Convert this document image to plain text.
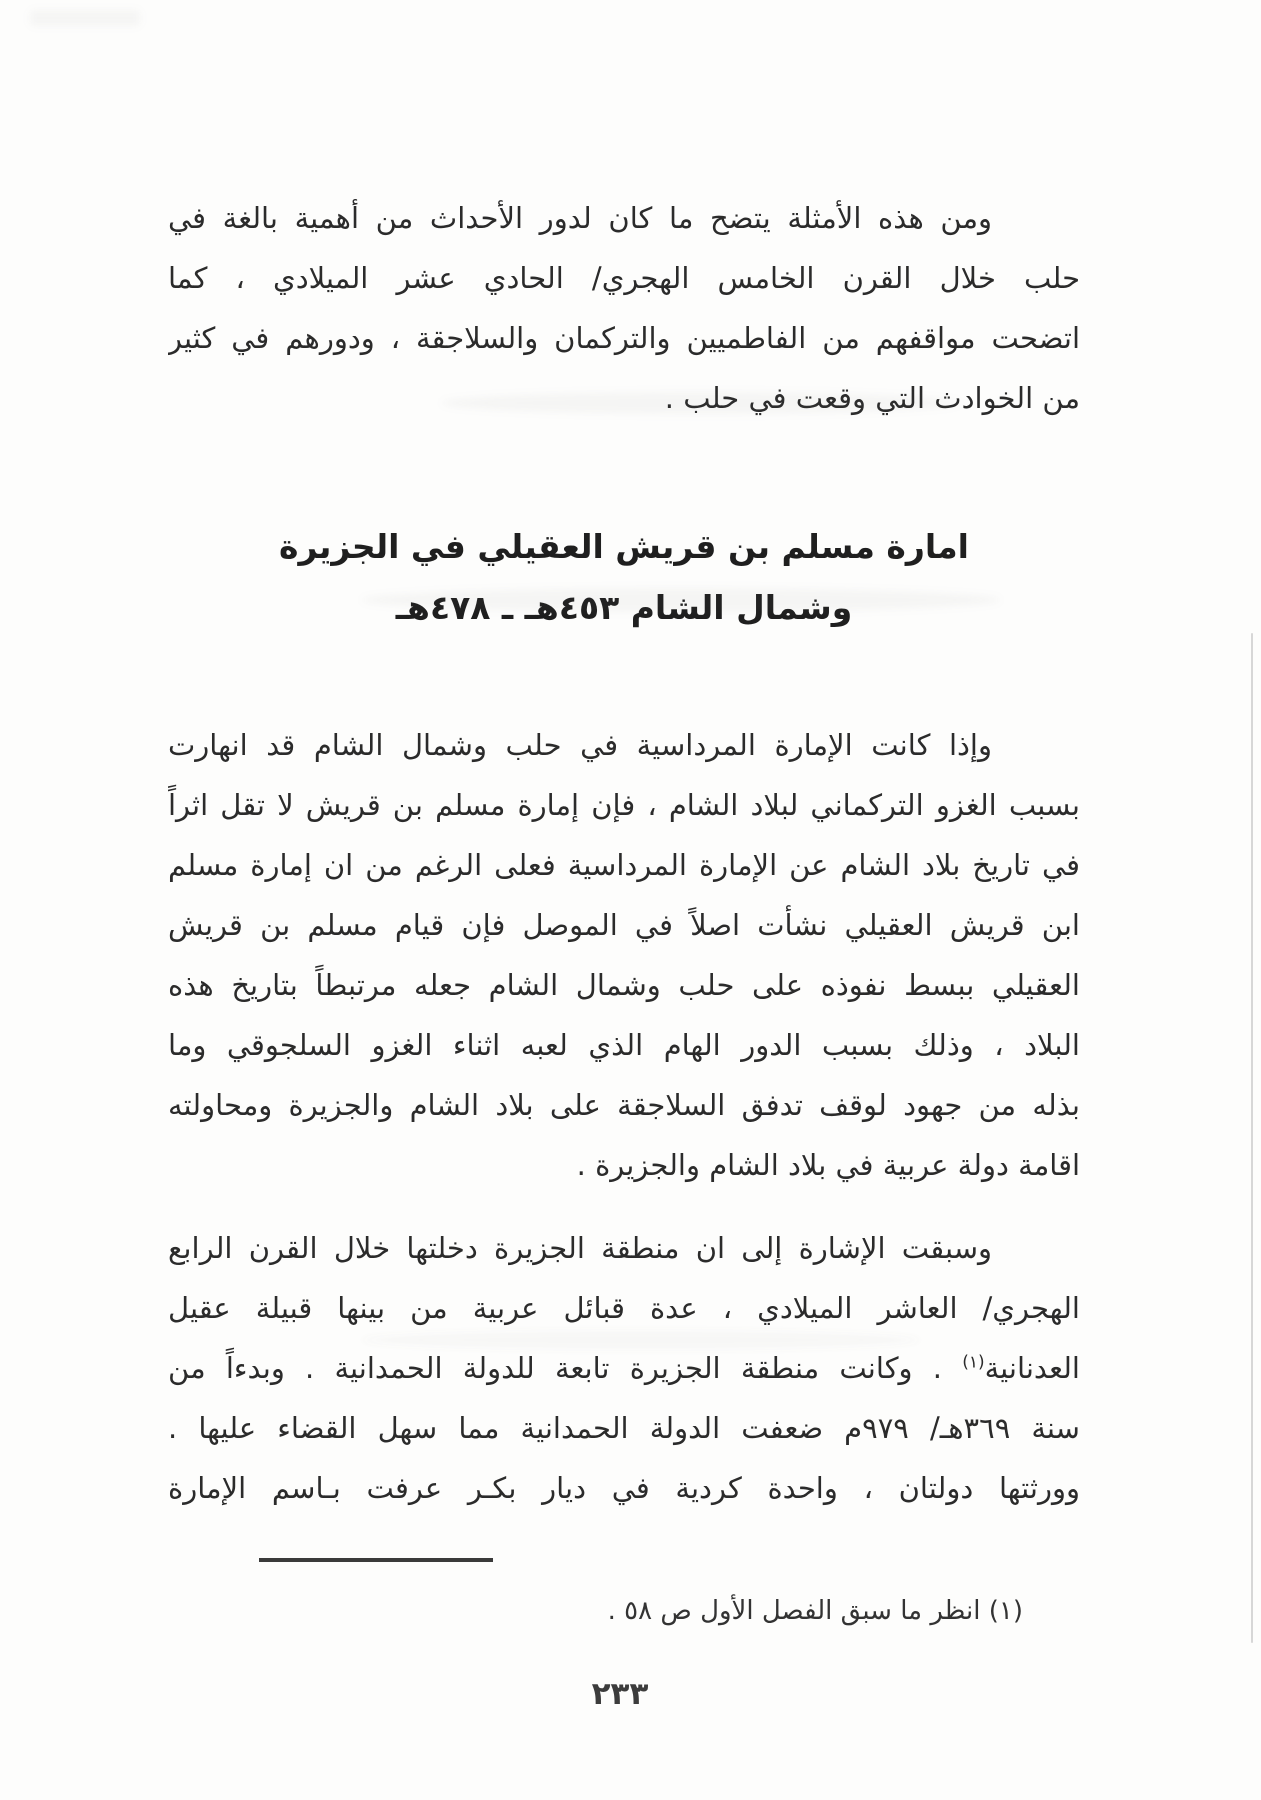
ومن هذه الأمثلة يتضح ما كان لدور الأحداث من أهمية بالغة في
حلب خلال القرن الخامس الهجري/ الحادي عشر الميلادي ، كما
اتضحت مواقفهم من الفاطميين والتركمان والسلاجقة ، ودورهم في كثير
من الخوادث التي وقعت في حلب .
امارة مسلم بن قريش العقيلي في الجزيرة
وشمال الشام ٤٥٣هـ ـ ٤٧٨هـ
وإذا كانت الإمارة المرداسية في حلب وشمال الشام قد انهارت
بسبب الغزو التركماني لبلاد الشام ، فإن إمارة مسلم بن قريش لا تقل اثراً
في تاريخ بلاد الشام عن الإمارة المرداسية فعلى الرغم من ان إمارة مسلم
ابن قريش العقيلي نشأت اصلاً في الموصل فإن قيام مسلم بن قريش
العقيلي ببسط نفوذه على حلب وشمال الشام جعله مرتبطاً بتاريخ هذه
البلاد ، وذلك بسبب الدور الهام الذي لعبه اثناء الغزو السلجوقي وما
بذله من جهود لوقف تدفق السلاجقة على بلاد الشام والجزيرة ومحاولته
اقامة دولة عربية في بلاد الشام والجزيرة .
وسبقت الإشارة إلى ان منطقة الجزيرة دخلتها خلال القرن الرابع
الهجري/ العاشر الميلادي ، عدة قبائل عربية من بينها قبيلة عقيل
العدنانية$^{(١)}$ . وكانت منطقة الجزيرة تابعة للدولة الحمدانية . وبدءاً من
سنة ٣٦٩هـ/ ٩٧٩م ضعفت الدولة الحمدانية مما سهل القضاء عليها .
وورثتها دولتان ، واحدة كردية في ديار بكـر عرفت بـاسم الإمارة
(١) انظر ما سبق الفصل الأول ص ٥٨ .
٢٣٣
